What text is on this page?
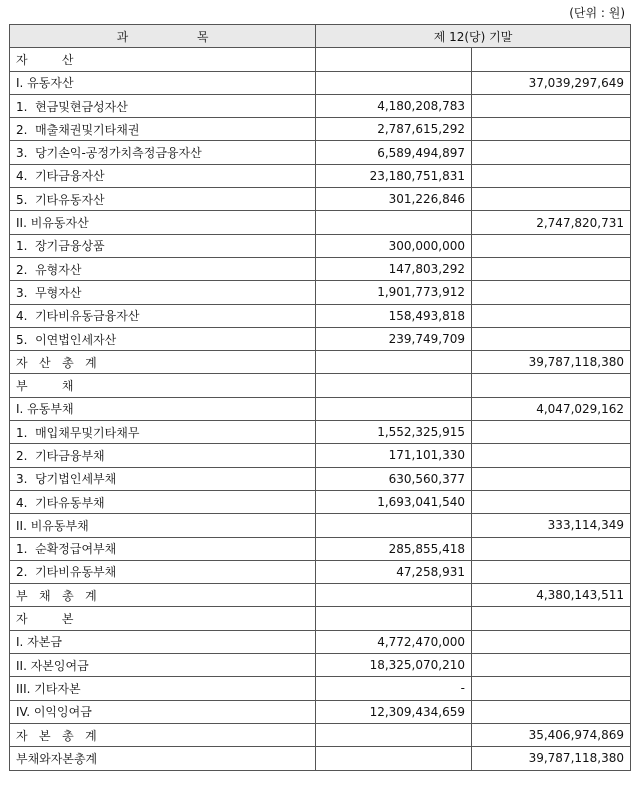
(단위 : 원)
과                  목	제 12(당) 기말	
자         산		
I. 유동자산		37,039,297,649
1.  현금및현금성자산	4,180,208,783	
2.  매출채권및기타채권	2,787,615,292	
3.  당기손익-공정가치측정금융자산	6,589,494,897	
4.  기타금융자산	23,180,751,831	
5.  기타유동자산	301,226,846	
II. 비유동자산		2,747,820,731
1.  장기금융상품	300,000,000	
2.  유형자산	147,803,292	
3.  무형자산	1,901,773,912	
4.  기타비유동금융자산	158,493,818	
5.  이연법인세자산	239,749,709	
자   산   총   계		39,787,118,380
부         채		
I. 유동부채		4,047,029,162
1.  매입채무및기타채무	1,552,325,915	
2.  기타금융부채	171,101,330	
3.  당기법인세부채	630,560,377	
4.  기타유동부채	1,693,041,540	
II. 비유동부채		333,114,349
1.  순확정급여부채	285,855,418	
2.  기타비유동부채	47,258,931	
부   채   총   계		4,380,143,511
자         본		
I. 자본금	4,772,470,000	
II. 자본잉여금	18,325,070,210	
III. 기타자본	-	
IV. 이익잉여금	12,309,434,659	
자   본   총   계		35,406,974,869
부채와자본총계		39,787,118,380
